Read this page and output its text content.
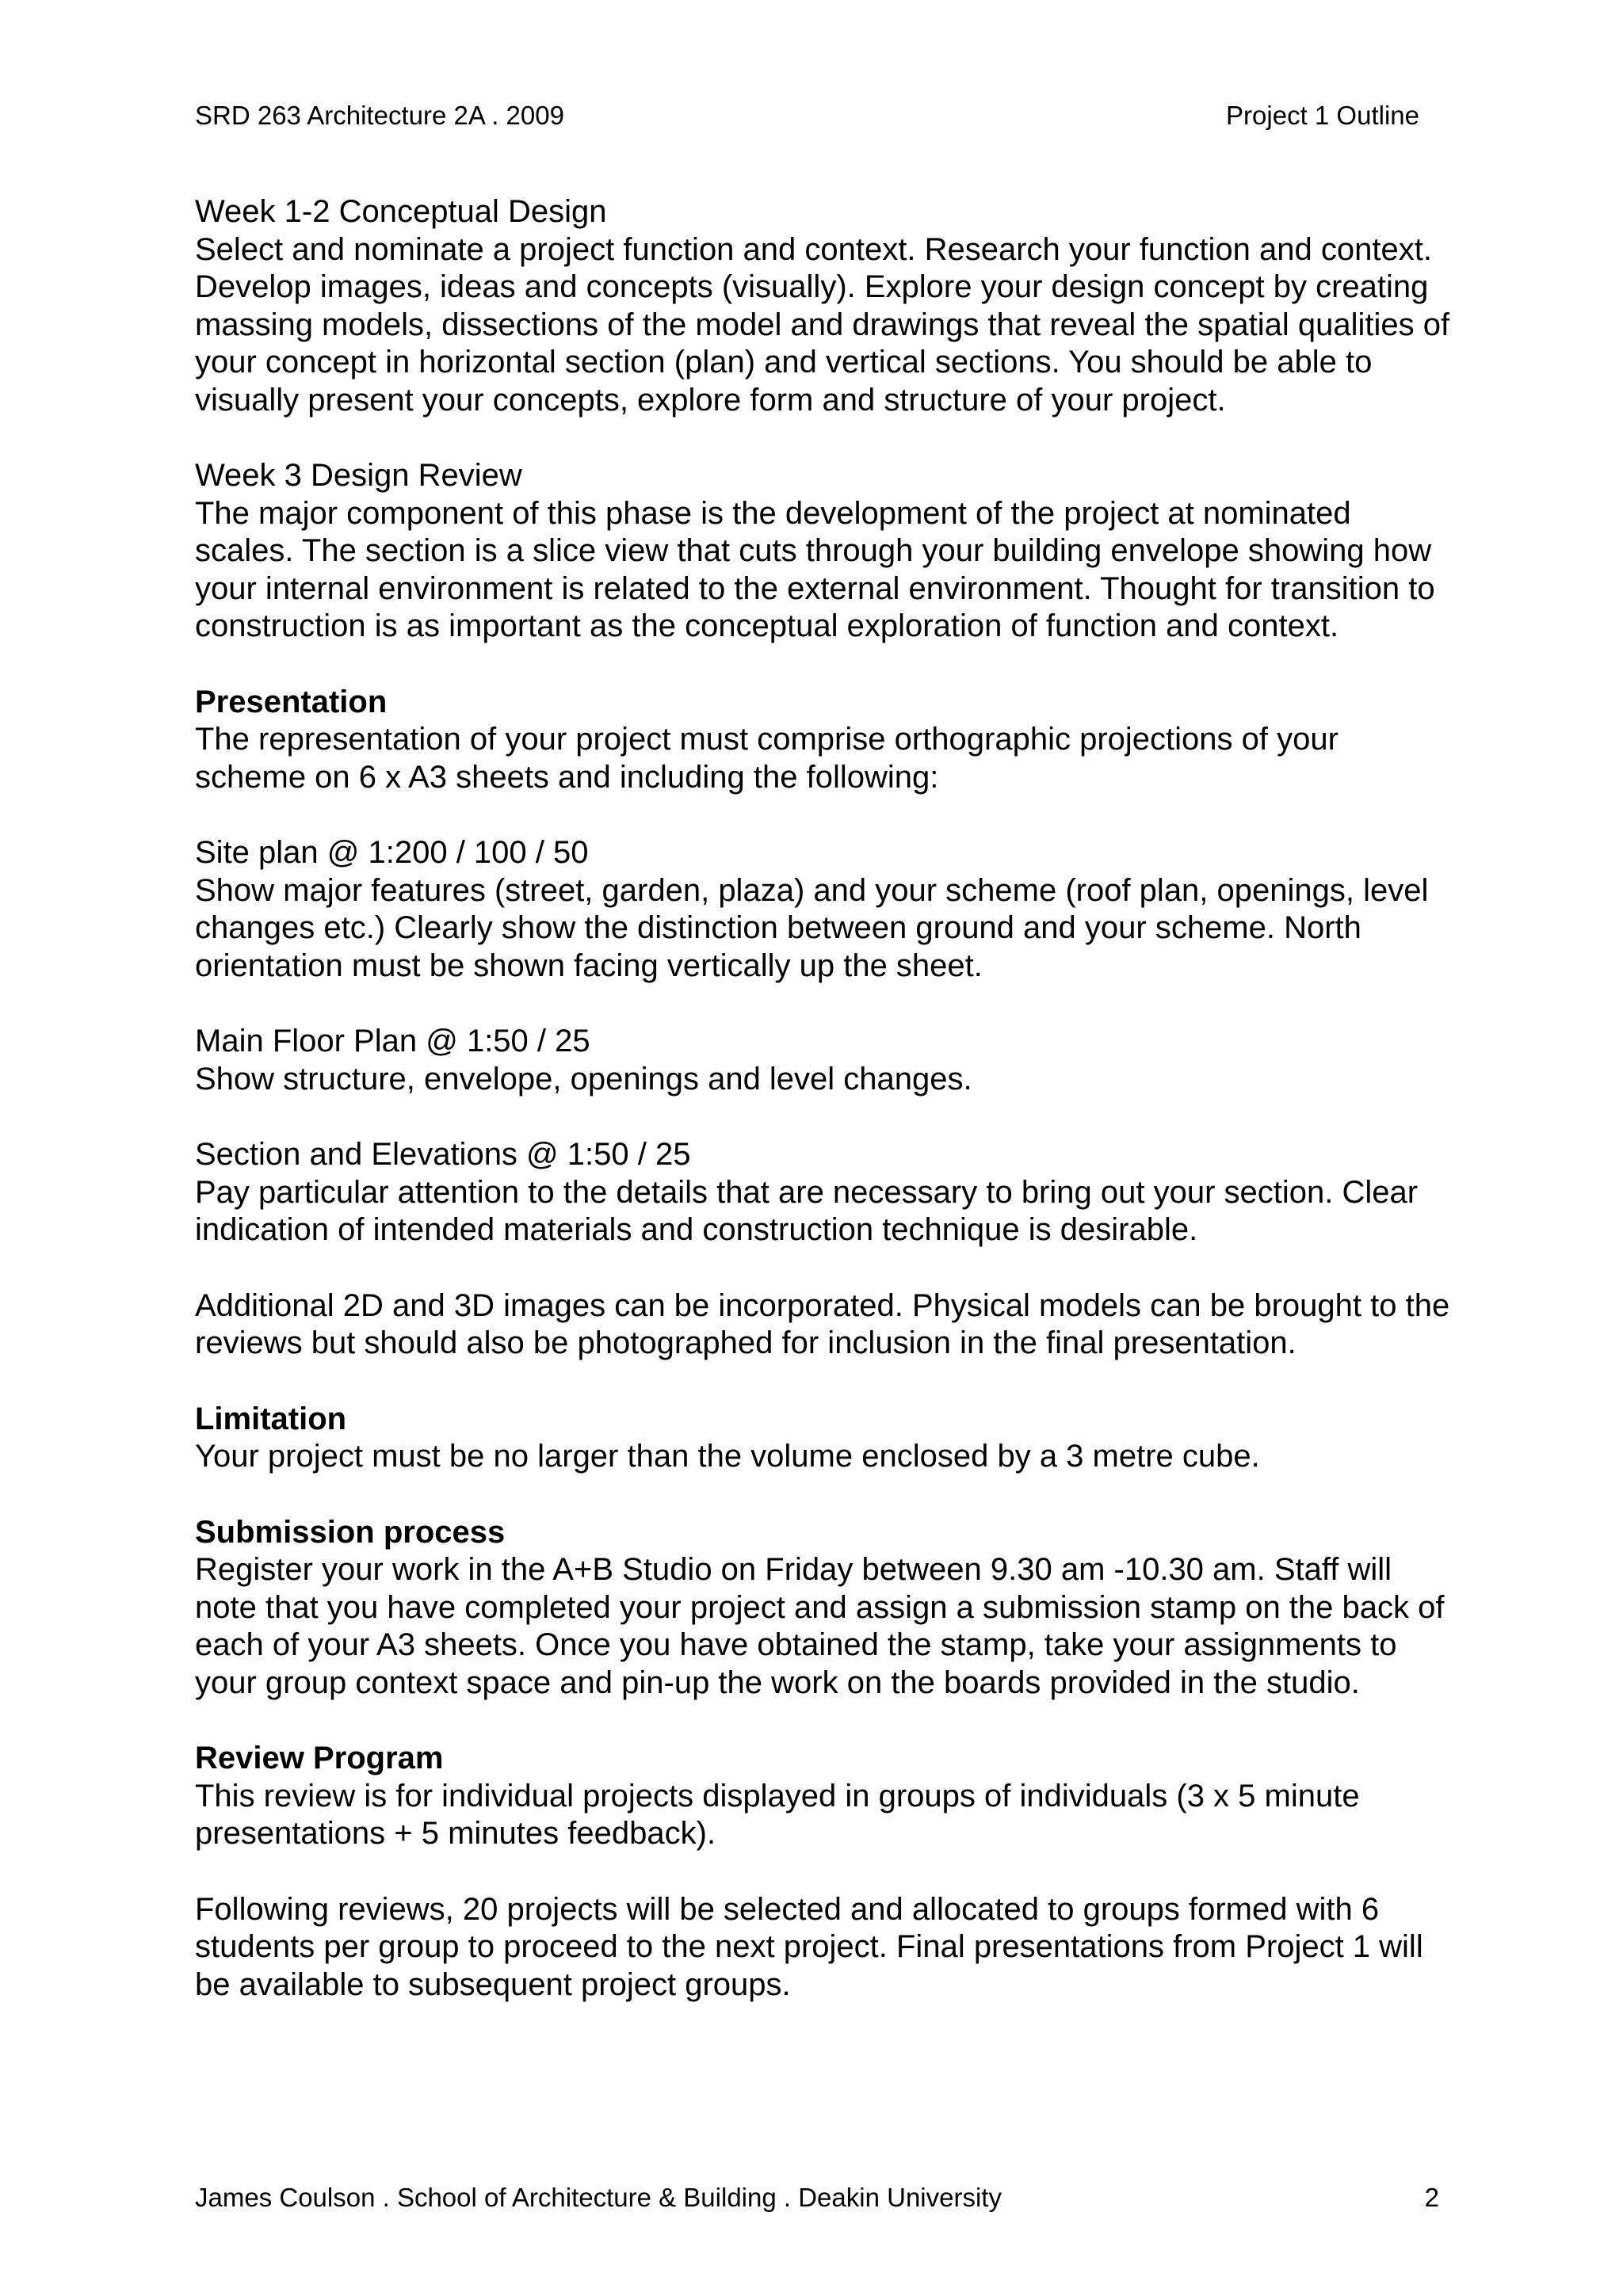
SRD 263 Architecture 2A . 2009	Project 1 Outline
Week 1-2 Conceptual Design
Select and nominate a project function and context. Research your function and context. Develop images, ideas and concepts (visually). Explore your design concept by creating massing models, dissections of the model and drawings that reveal the spatial qualities of your concept in horizontal section (plan) and vertical sections. You should be able to visually present your concepts, explore form and structure of your project.
Week 3 Design Review
The major component of this phase is the development of the project at nominated scales. The section is a slice view that cuts through your building envelope showing how your internal environment is related to the external environment. Thought for transition to construction is as important as the conceptual exploration of function and context.
Presentation
The representation of your project must comprise orthographic projections of your scheme on 6 x A3 sheets and including the following:
Site plan @ 1:200 / 100 / 50
Show major features (street, garden, plaza) and your scheme (roof plan, openings, level changes etc.) Clearly show the distinction between ground and your scheme. North orientation must be shown facing vertically up the sheet.
Main Floor Plan @ 1:50 / 25
Show structure, envelope, openings and level changes.
Section and Elevations @ 1:50 / 25
Pay particular attention to the details that are necessary to bring out your section. Clear indication of intended materials and construction technique is desirable.
Additional 2D and 3D images can be incorporated. Physical models can be brought to the reviews but should also be photographed for inclusion in the final presentation.
Limitation
Your project must be no larger than the volume enclosed by a 3 metre cube.
Submission process
Register your work in the A+B Studio on Friday between 9.30 am -10.30 am. Staff will note that you have completed your project and assign a submission stamp on the back of each of your A3 sheets. Once you have obtained the stamp, take your assignments to your group context space and pin-up the work on the boards provided in the studio.
Review Program
This review is for individual projects displayed in groups of individuals (3 x 5 minute presentations + 5 minutes feedback).
Following reviews, 20 projects will be selected and allocated to groups formed with 6 students per group to proceed to the next project. Final presentations from Project 1 will be available to subsequent project groups.
James Coulson . School of Architecture & Building . Deakin University	2
